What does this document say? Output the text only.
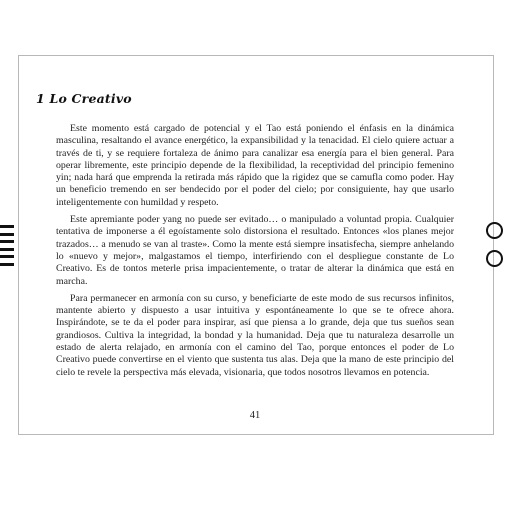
1 Lo Creativo

Este momento está cargado de potencial y el Tao está poniendo el énfasis en la dinámica masculina, resaltando el avance energético, la expansibilidad y la tenacidad. El cielo quiere actuar a través de ti, y se requiere fortaleza de ánimo para canalizar esa energía para el bien general. Para operar libremente, este principio depende de la flexibilidad, la receptividad del principio femenino yin; nada hará que emprenda la retirada más rápido que la rigidez que se camufla como poder. Hay un beneficio tremendo en ser bendecido por el poder del cielo; por consiguiente, hay que usarlo inteligentemente con humildad y respeto.

Este apremiante poder yang no puede ser evitado… o manipulado a voluntad propia. Cualquier tentativa de imponerse a él egoístamente solo distorsiona el resultado. Entonces «los planes mejor trazados… a menudo se van al traste». Como la mente está siempre insatisfecha, siempre anhelando lo «nuevo y mejor», malgastamos el tiempo, interfiriendo con el despliegue constante de Lo Creativo. Es de tontos meterle prisa impacientemente, o tratar de alterar la dinámica que está en marcha.

Para permanecer en armonía con su curso, y beneficiarte de este modo de sus recursos infinitos, mantente abierto y dispuesto a usar intuitiva y espontáneamente lo que se te ofrece ahora. Inspirándote, se te da el poder para inspirar, así que piensa a lo grande, deja que tus sueños sean grandiosos. Cultiva la integridad, la bondad y la humanidad. Deja que tu naturaleza desarrolle un estado de alerta relajado, en armonía con el camino del Tao, porque entonces el poder de Lo Creativo puede convertirse en el viento que sustenta tus alas. Deja que la mano de este principio del cielo te revele la perspectiva más elevada, visionaria, que todos nosotros llevamos en potencia.

41
